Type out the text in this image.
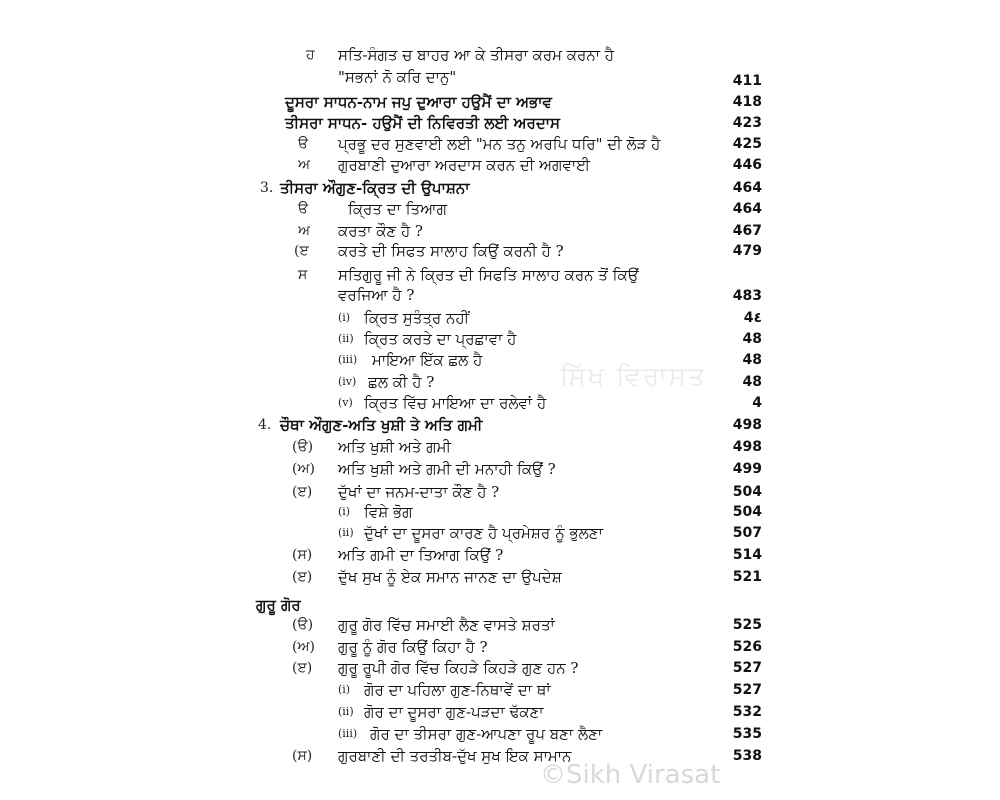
ਹ ਸਤਿ-ਸੰਗਤ ਚ ਬਾਹਰ ਆ ਕੇ ਤੀਸਰਾ ਕਰਮ ਕਰਨਾ ਹੈ
"ਸਭਨਾਂ ਨੋ ਕਰਿ ਦਾਨੁ"	411
ਦੂਸਰਾ ਸਾਧਨ-ਨਾਮ ਜਪੁ ਦੁਆਰਾ ਹਉਮੈਂ ਦਾ ਅਭਾਵ	418
ਤੀਸਰਾ ਸਾਧਨ- ਹਉਮੈਂ ਦੀ ਨਿਵਿਰਤੀ ਲਈ ਅਰਦਾਸ	423
ੳ ਪ੍ਰਭੂ ਦਰ ਸੁਣਵਾਈ ਲਈ "ਮਨ ਤਨੁ ਅਰਪਿ ਧਰਿ" ਦੀ ਲੋੜ ਹੈ	425
ਅ ਗੁਰਬਾਣੀ ਦੁਆਰਾ ਅਰਦਾਸ ਕਰਨ ਦੀ ਅਗਵਾਈ	446
3. ਤੀਸਰਾ ਔਗੁਣ-ਕ੍ਰਿਤ ਦੀ ਉਪਾਸ਼ਨਾ	464
ੳ	ਕ੍ਰਿਤ ਦਾ ਤਿਆਗ	464
ਅ ਕਰਤਾ ਕੌਣ ਹੈ ?	467
(ੲ ਕਰਤੇ ਦੀ ਸਿਫਤ ਸਾਲਾਹ ਕਿਉਂ ਕਰਨੀ ਹੈ ?	479
ਸ ਸਤਿਗੁਰੂ ਜੀ ਨੇ ਕ੍ਰਿਤ ਦੀ ਸਿਫਤਿ ਸਾਲਾਹ ਕਰਨ ਤੋਂ ਕਿਉਂ
ਵਰਜਿਆ ਹੈ ?	483
(i) ਕ੍ਰਿਤ ਸੁਤੰਤ੍ਰ ਨਹੀਂ	4٤
(ii) ਕ੍ਰਿਤ ਕਰਤੇ ਦਾ ਪ੍ਰਛਾਵਾ ਹੈ	48
(iii) ਮਾਇਆ ਇੱਕ ਛਲ ਹੈ	48
(iv) ਛਲ ਕੀ ਹੈ ?	48
(v) ਕ੍ਰਿਤ ਵਿੱਚ ਮਾਇਆ ਦਾ ਰਲੇਵਾਂ ਹੈ	4
4. ਚੌਥਾ ਔਗੁਣ-ਅਤਿ ਖੁਸ਼ੀ ਤੇ ਅਤਿ ਗਮੀ	498
(ੳ) ਅਤਿ ਖੁਸ਼ੀ ਅਤੇ ਗਮੀ	498
(ਅ) ਅਤਿ ਖੁਸ਼ੀ ਅਤੇ ਗਮੀ ਦੀ ਮਨਾਹੀ ਕਿਉਂ ?	499
(ੲ) ਦੁੱਖਾਂ ਦਾ ਜਨਮ-ਦਾਤਾ ਕੌਣ ਹੈ ?	504
(i) ਵਿਸ਼ੇ ਭੋਗ	504
(ii) ਦੁੱਖਾਂ ਦਾ ਦੂਸਰਾ ਕਾਰਣ ਹੈ ਪ੍ਰਮੇਸ਼ਰ ਨੂੰ ਭੁਲਣਾ	507
(ਸ) ਅਤਿ ਗਮੀ ਦਾ ਤਿਆਗ ਕਿਉਂ ?	514
(ੲ) ਦੁੱਖ ਸੁਖ ਨੂੰ ਏਕ ਸਮਾਨ ਜਾਨਣ ਦਾ ਉਪਦੇਸ਼	521
ਗੁਰੂ ਗੋਰ
(ੳ) ਗੁਰੂ ਗੋਰ ਵਿੱਚ ਸਮਾਈ ਲੈਣ ਵਾਸਤੇ ਸ਼ਰਤਾਂ	525
(ਅ) ਗੁਰੂ ਨੂੰ ਗੋਰ ਕਿਉਂ ਕਿਹਾ ਹੈ ?	526
(ੲ) ਗੁਰੂ ਰੂਪੀ ਗੋਰ ਵਿੱਚ ਕਿਹੜੇ ਕਿਹੜੇ ਗੁਣ ਹਨ ?	527
(i) ਗੋਰ ਦਾ ਪਹਿਲਾ ਗੁਣ-ਨਿਥਾਵੇਂ ਦਾ ਥਾਂ	527
(ii) ਗੋਰ ਦਾ ਦੂਸਰਾ ਗੁਣ-ਪੜਦਾ ਢੱਕਣਾ	532
(iii) ਗੋਰ ਦਾ ਤੀਸਰਾ ਗੁਣ-ਆਪਣਾ ਰੂਪ ਬਣਾ ਲੈਣਾ	535
(ਸ) ਗੁਰਬਾਣੀ ਦੀ ਤਰਤੀਬ-ਦੁੱਖ ਸੁਖ ਇਕ ਸਾਮਾਨ	538
ਸਿੱਖ ਵਿਰਾਸਤ
©Sikh Virasat
